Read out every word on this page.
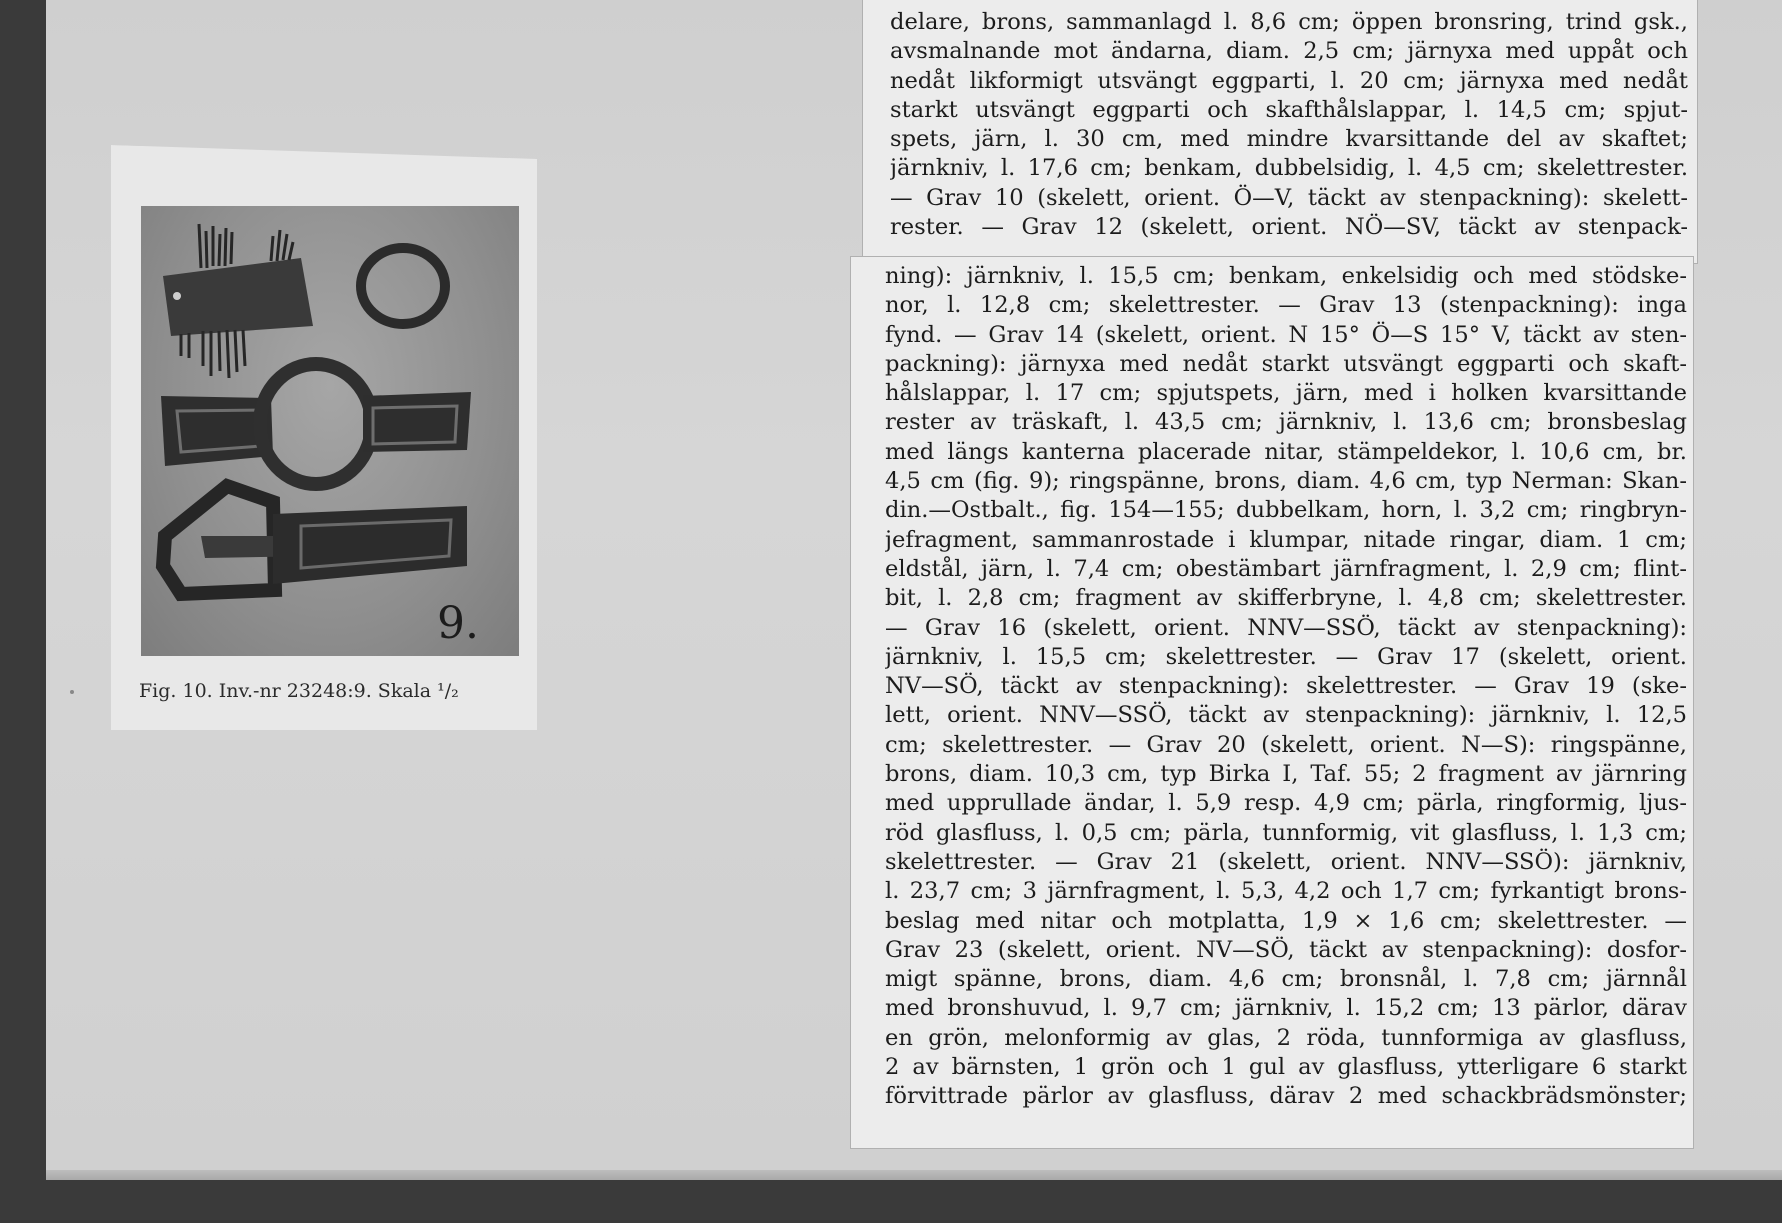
9.
Fig. 10. Inv.-nr 23248:9. Skala ¹/₂
delare, brons, sammanlagd l. 8,6 cm; öppen bronsring, trind gsk.,
avsmalnande mot ändarna, diam. 2,5 cm; järnyxa med uppåt och
nedåt likformigt utsvängt eggparti, l. 20 cm; järnyxa med nedåt
starkt utsvängt eggparti och skafthålslappar, l. 14,5 cm; spjut-
spets, järn, l. 30 cm, med mindre kvarsittande del av skaftet;
järnkniv, l. 17,6 cm; benkam, dubbelsidig, l. 4,5 cm; skelettrester.
— Grav 10 (skelett, orient. Ö—V, täckt av stenpackning): skelett-
rester. — Grav 12 (skelett, orient. NÖ—SV, täckt av stenpack-
ning): järnkniv, l. 15,5 cm; benkam, enkelsidig och med stödske-
nor, l. 12,8 cm; skelettrester. — Grav 13 (stenpackning): inga
fynd. — Grav 14 (skelett, orient. N 15° Ö—S 15° V, täckt av sten-
packning): järnyxa med nedåt starkt utsvängt eggparti och skaft-
hålslappar, l. 17 cm; spjutspets, järn, med i holken kvarsittande
rester av träskaft, l. 43,5 cm; järnkniv, l. 13,6 cm; bronsbeslag
med längs kanterna placerade nitar, stämpeldekor, l. 10,6 cm, br.
4,5 cm (fig. 9); ringspänne, brons, diam. 4,6 cm, typ Nerman: Skan-
din.—Ostbalt., fig. 154—155; dubbelkam, horn, l. 3,2 cm; ringbryn-
jefragment, sammanrostade i klumpar, nitade ringar, diam. 1 cm;
eldstål, järn, l. 7,4 cm; obestämbart järnfragment, l. 2,9 cm; flint-
bit, l. 2,8 cm; fragment av skifferbryne, l. 4,8 cm; skelettrester.
— Grav 16 (skelett, orient. NNV—SSÖ, täckt av stenpackning):
järnkniv, l. 15,5 cm; skelettrester. — Grav 17 (skelett, orient.
NV—SÖ, täckt av stenpackning): skelettrester. — Grav 19 (ske-
lett, orient. NNV—SSÖ, täckt av stenpackning): järnkniv, l. 12,5
cm; skelettrester. — Grav 20 (skelett, orient. N—S): ringspänne,
brons, diam. 10,3 cm, typ Birka I, Taf. 55; 2 fragment av järnring
med upprullade ändar, l. 5,9 resp. 4,9 cm; pärla, ringformig, ljus-
röd glasfluss, l. 0,5 cm; pärla, tunnformig, vit glasfluss, l. 1,3 cm;
skelettrester. — Grav 21 (skelett, orient. NNV—SSÖ): järnkniv,
l. 23,7 cm; 3 järnfragment, l. 5,3, 4,2 och 1,7 cm; fyrkantigt brons-
beslag med nitar och motplatta, 1,9 × 1,6 cm; skelettrester. —
Grav 23 (skelett, orient. NV—SÖ, täckt av stenpackning): dosfor-
migt spänne, brons, diam. 4,6 cm; bronsnål, l. 7,8 cm; järnnål
med bronshuvud, l. 9,7 cm; järnkniv, l. 15,2 cm; 13 pärlor, därav
en grön, melonformig av glas, 2 röda, tunnformiga av glasfluss,
2 av bärnsten, 1 grön och 1 gul av glasfluss, ytterligare 6 starkt
förvittrade pärlor av glasfluss, därav 2 med schackbrädsmönster;
